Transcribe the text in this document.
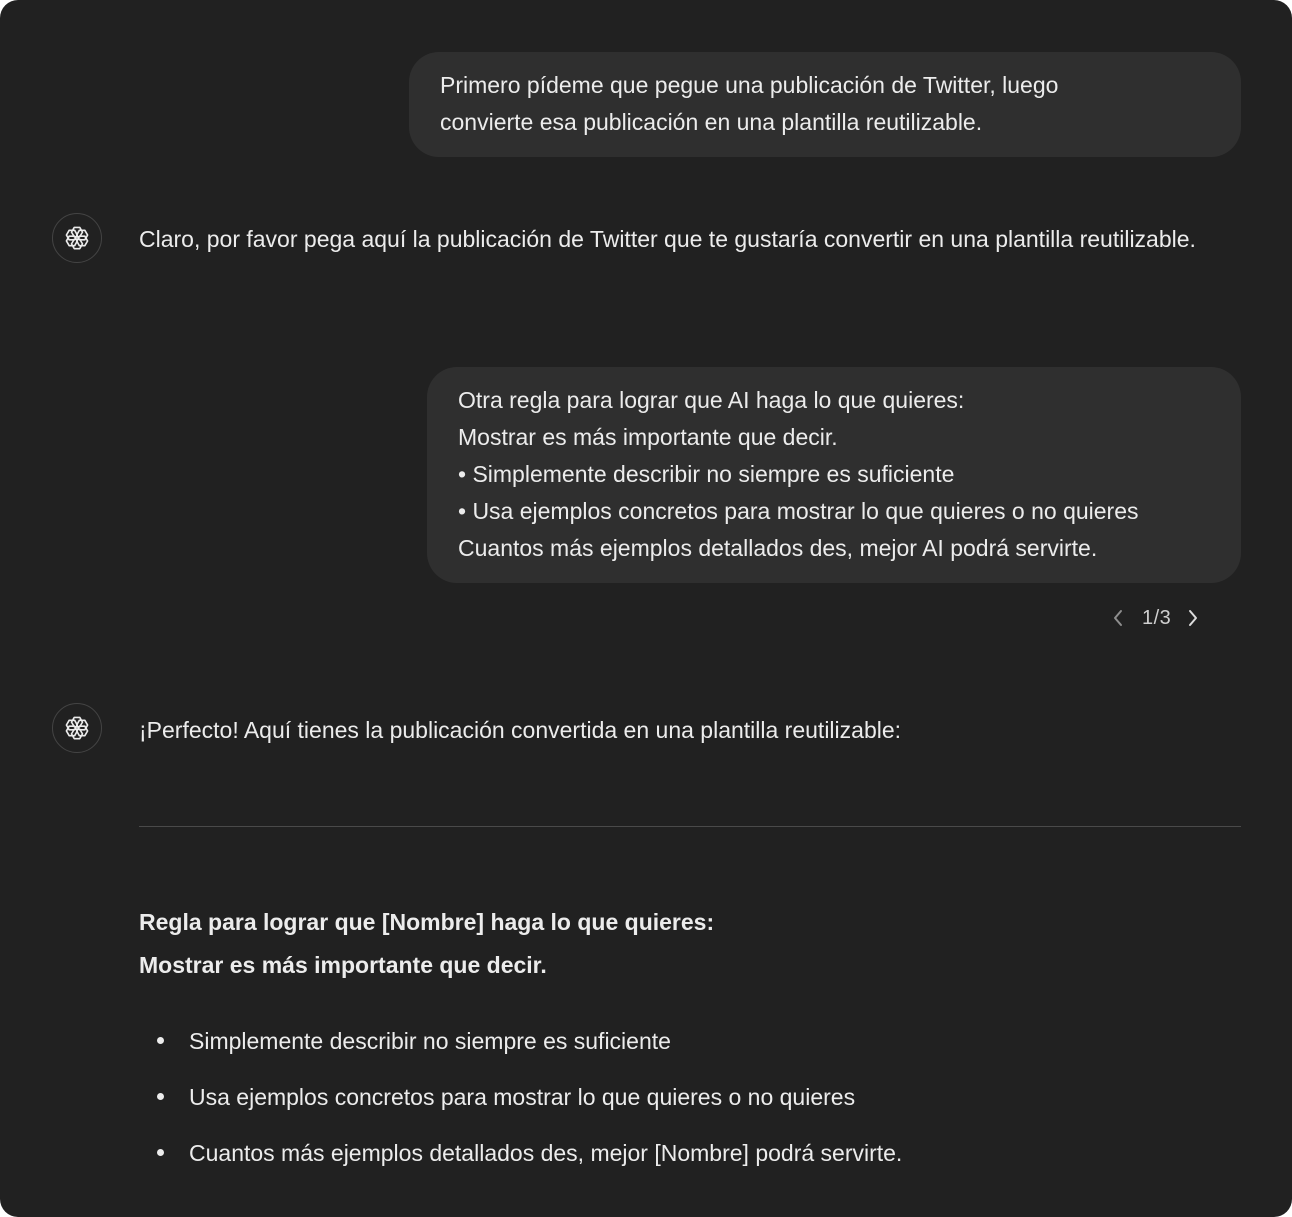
Primero pídeme que pegue una publicación de Twitter, luego
convierte esa publicación en una plantilla reutilizable.
Claro, por favor pega aquí la publicación de Twitter que te gustaría convertir en una plantilla reutilizable.
Otra regla para lograr que AI haga lo que quieres:
Mostrar es más importante que decir.
• Simplemente describir no siempre es suficiente
• Usa ejemplos concretos para mostrar lo que quieres o no quieres
Cuantos más ejemplos detallados des, mejor AI podrá servirte.
1/3
¡Perfecto! Aquí tienes la publicación convertida en una plantilla reutilizable:
Regla para lograr que [Nombre] haga lo que quieres:
Mostrar es más importante que decir.
Simplemente describir no siempre es suficiente
Usa ejemplos concretos para mostrar lo que quieres o no quieres
Cuantos más ejemplos detallados des, mejor [Nombre] podrá servirte.
